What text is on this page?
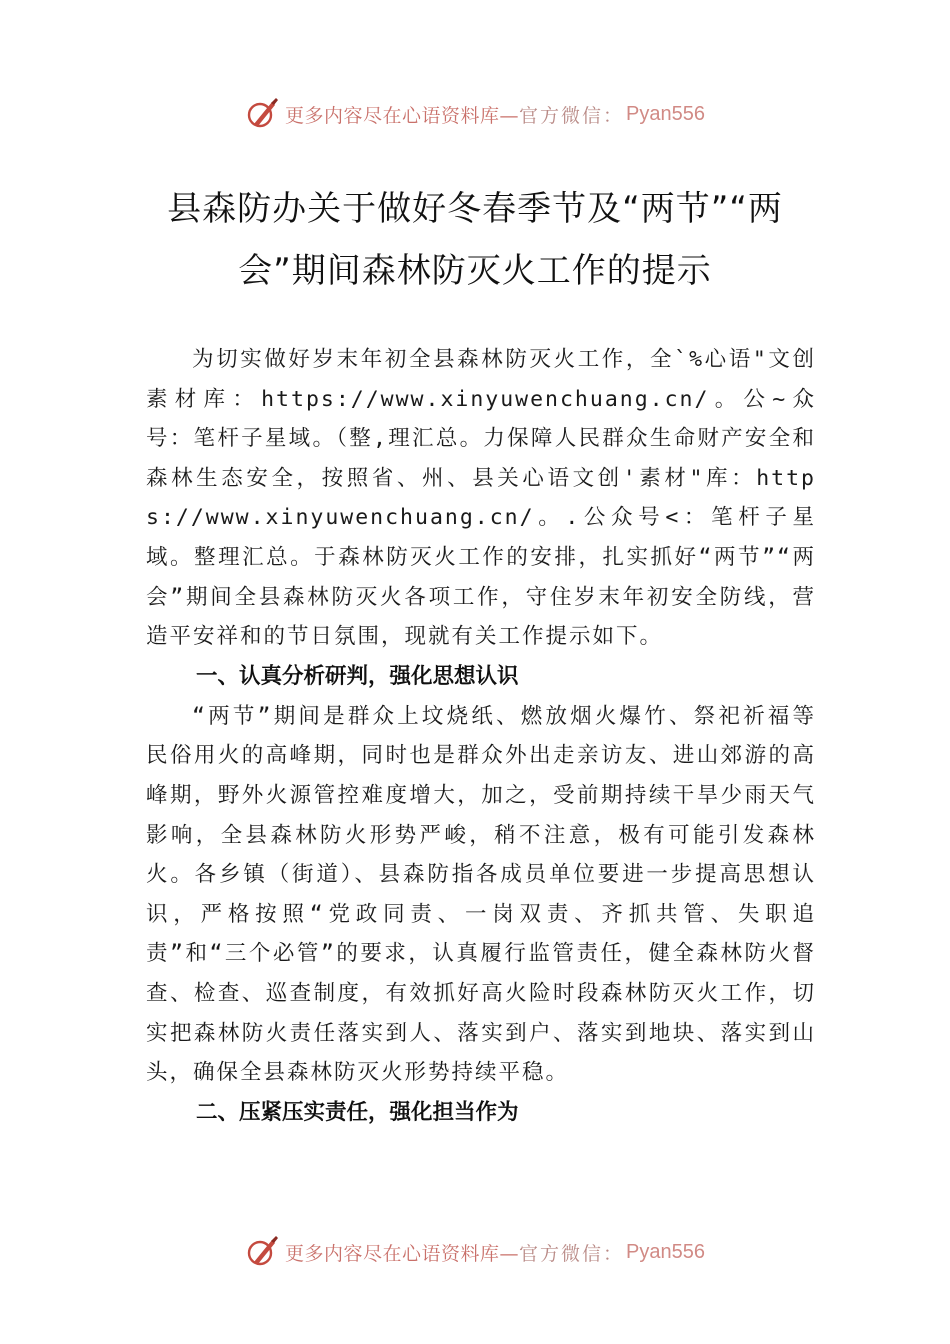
更多内容尽在心语资料库— 官方微信： Pyan556
县森防办关于做好冬春季节及“两节”“两会”期间森林防灭火工作的提示

为切实做好岁末年初全县森林防灭火工作，全`%心语"文创素材库：https://www.xinyuwenchuang.cn/。公~众号：笔杆子星域。（整,理汇总。力保障人民群众生命财产安全和森林生态安全，按照省、州、县关心语文创'素材"库：https://www.xinyuwenchuang.cn/。.公众号<：笔杆子星域。整理汇总。于森林防灭火工作的安排，扎实抓好“两节”“两会”期间全县森林防灭火各项工作，守住岁末年初安全防线，营造平安祥和的节日氛围，现就有关工作提示如下。

一、认真分析研判，强化思想认识

“两节”期间是群众上坟烧纸、燃放烟火爆竹、祭祀祈福等　民俗用火的高峰期，同时也是群众外出走亲访友、进山郊游的高　峰期，野外火源管控难度增大，加之，受前期持续干旱少雨天气影响，全县森林防火形势严峻，稍不注意，极有可能引发森林火。各乡镇（街道）、县森防指各成员单位要进一步提高思想认识，严格按照“党政同责、一岗双责、齐抓共管、失职追责”和“三个必管”的要求，认真履行监管责任，健全森林防火督查、检查、巡查制度，有效抓好高火险时段森林防灭火工作，切实把森林防火责任落实到人、落实到户、落实到地块、落实到山头，确保全县森林防灭火形势持续平稳。

二、压紧压实责任，强化担当作为

更多内容尽在心语资料库— 官方微信： Pyan556
